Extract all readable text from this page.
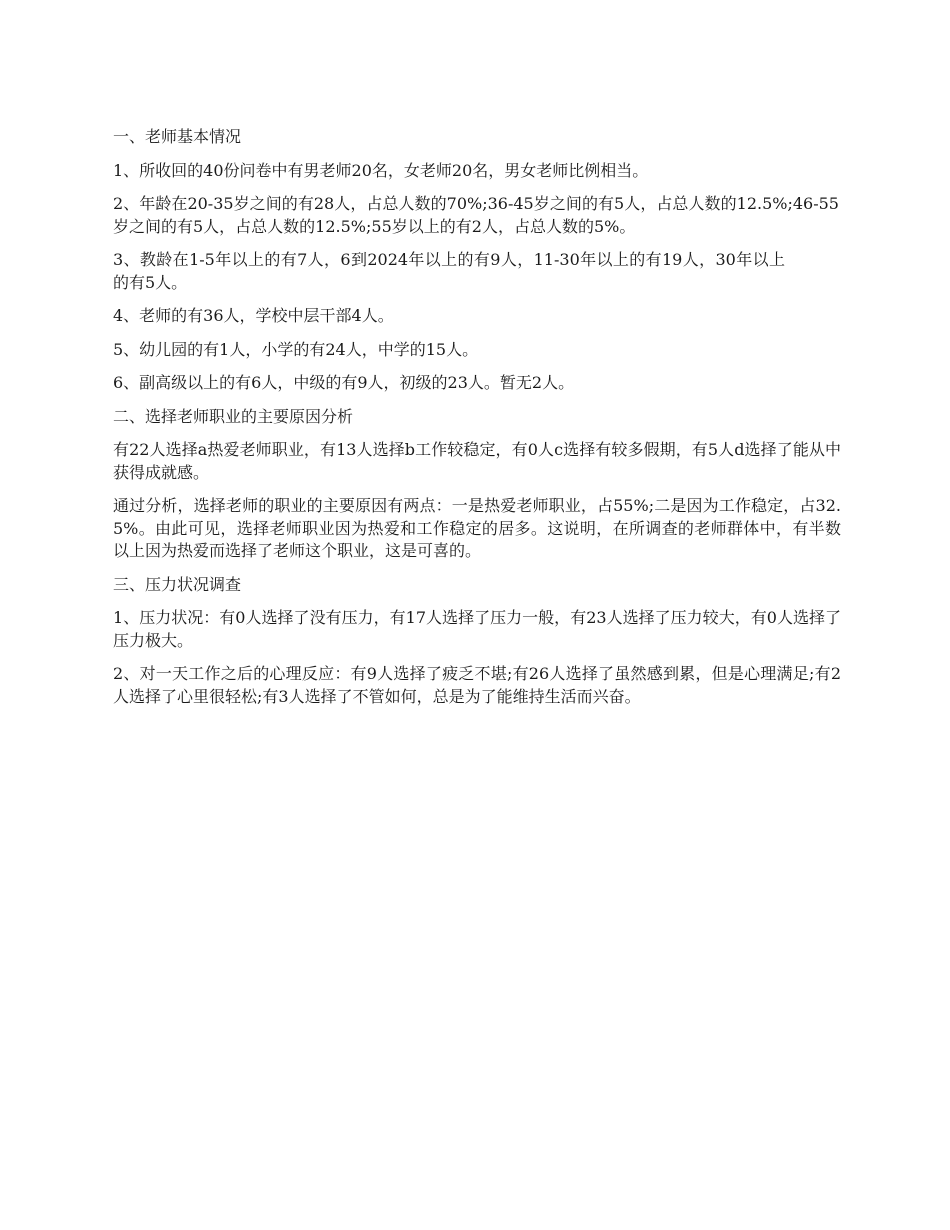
一、老师基本情况

1、所收回的40份问卷中有男老师20名，女老师20名，男女老师比例相当。

2、年龄在20-35岁之间的有28人，占总人数的70%;36-45岁之间的有5人，占总人数的12.5%;46-55岁之间的有5人，占总人数的12.5%;55岁以上的有2人，占总人数的5%。

3、教龄在1-5年以上的有7人，6到2024年以上的有9人，11-30年以上的有19人，30年以上的有5人。

4、老师的有36人，学校中层干部4人。

5、幼儿园的有1人，小学的有24人，中学的15人。

6、副高级以上的有6人，中级的有9人，初级的23人。暂无2人。

二、选择老师职业的主要原因分析

有22人选择a热爱老师职业，有13人选择b工作较稳定，有0人c选择有较多假期，有5人d选择了能从中获得成就感。

通过分析，选择老师的职业的主要原因有两点：一是热爱老师职业，占55%;二是因为工作稳定，占32.5%。由此可见，选择老师职业因为热爱和工作稳定的居多。这说明，在所调查的老师群体中，有半数以上因为热爱而选择了老师这个职业，这是可喜的。

三、压力状况调查

1、压力状况：有0人选择了没有压力，有17人选择了压力一般，有23人选择了压力较大，有0人选择了压力极大。

2、对一天工作之后的心理反应：有9人选择了疲乏不堪;有26人选择了虽然感到累，但是心理满足;有2人选择了心里很轻松;有3人选择了不管如何，总是为了能维持生活而兴奋。
